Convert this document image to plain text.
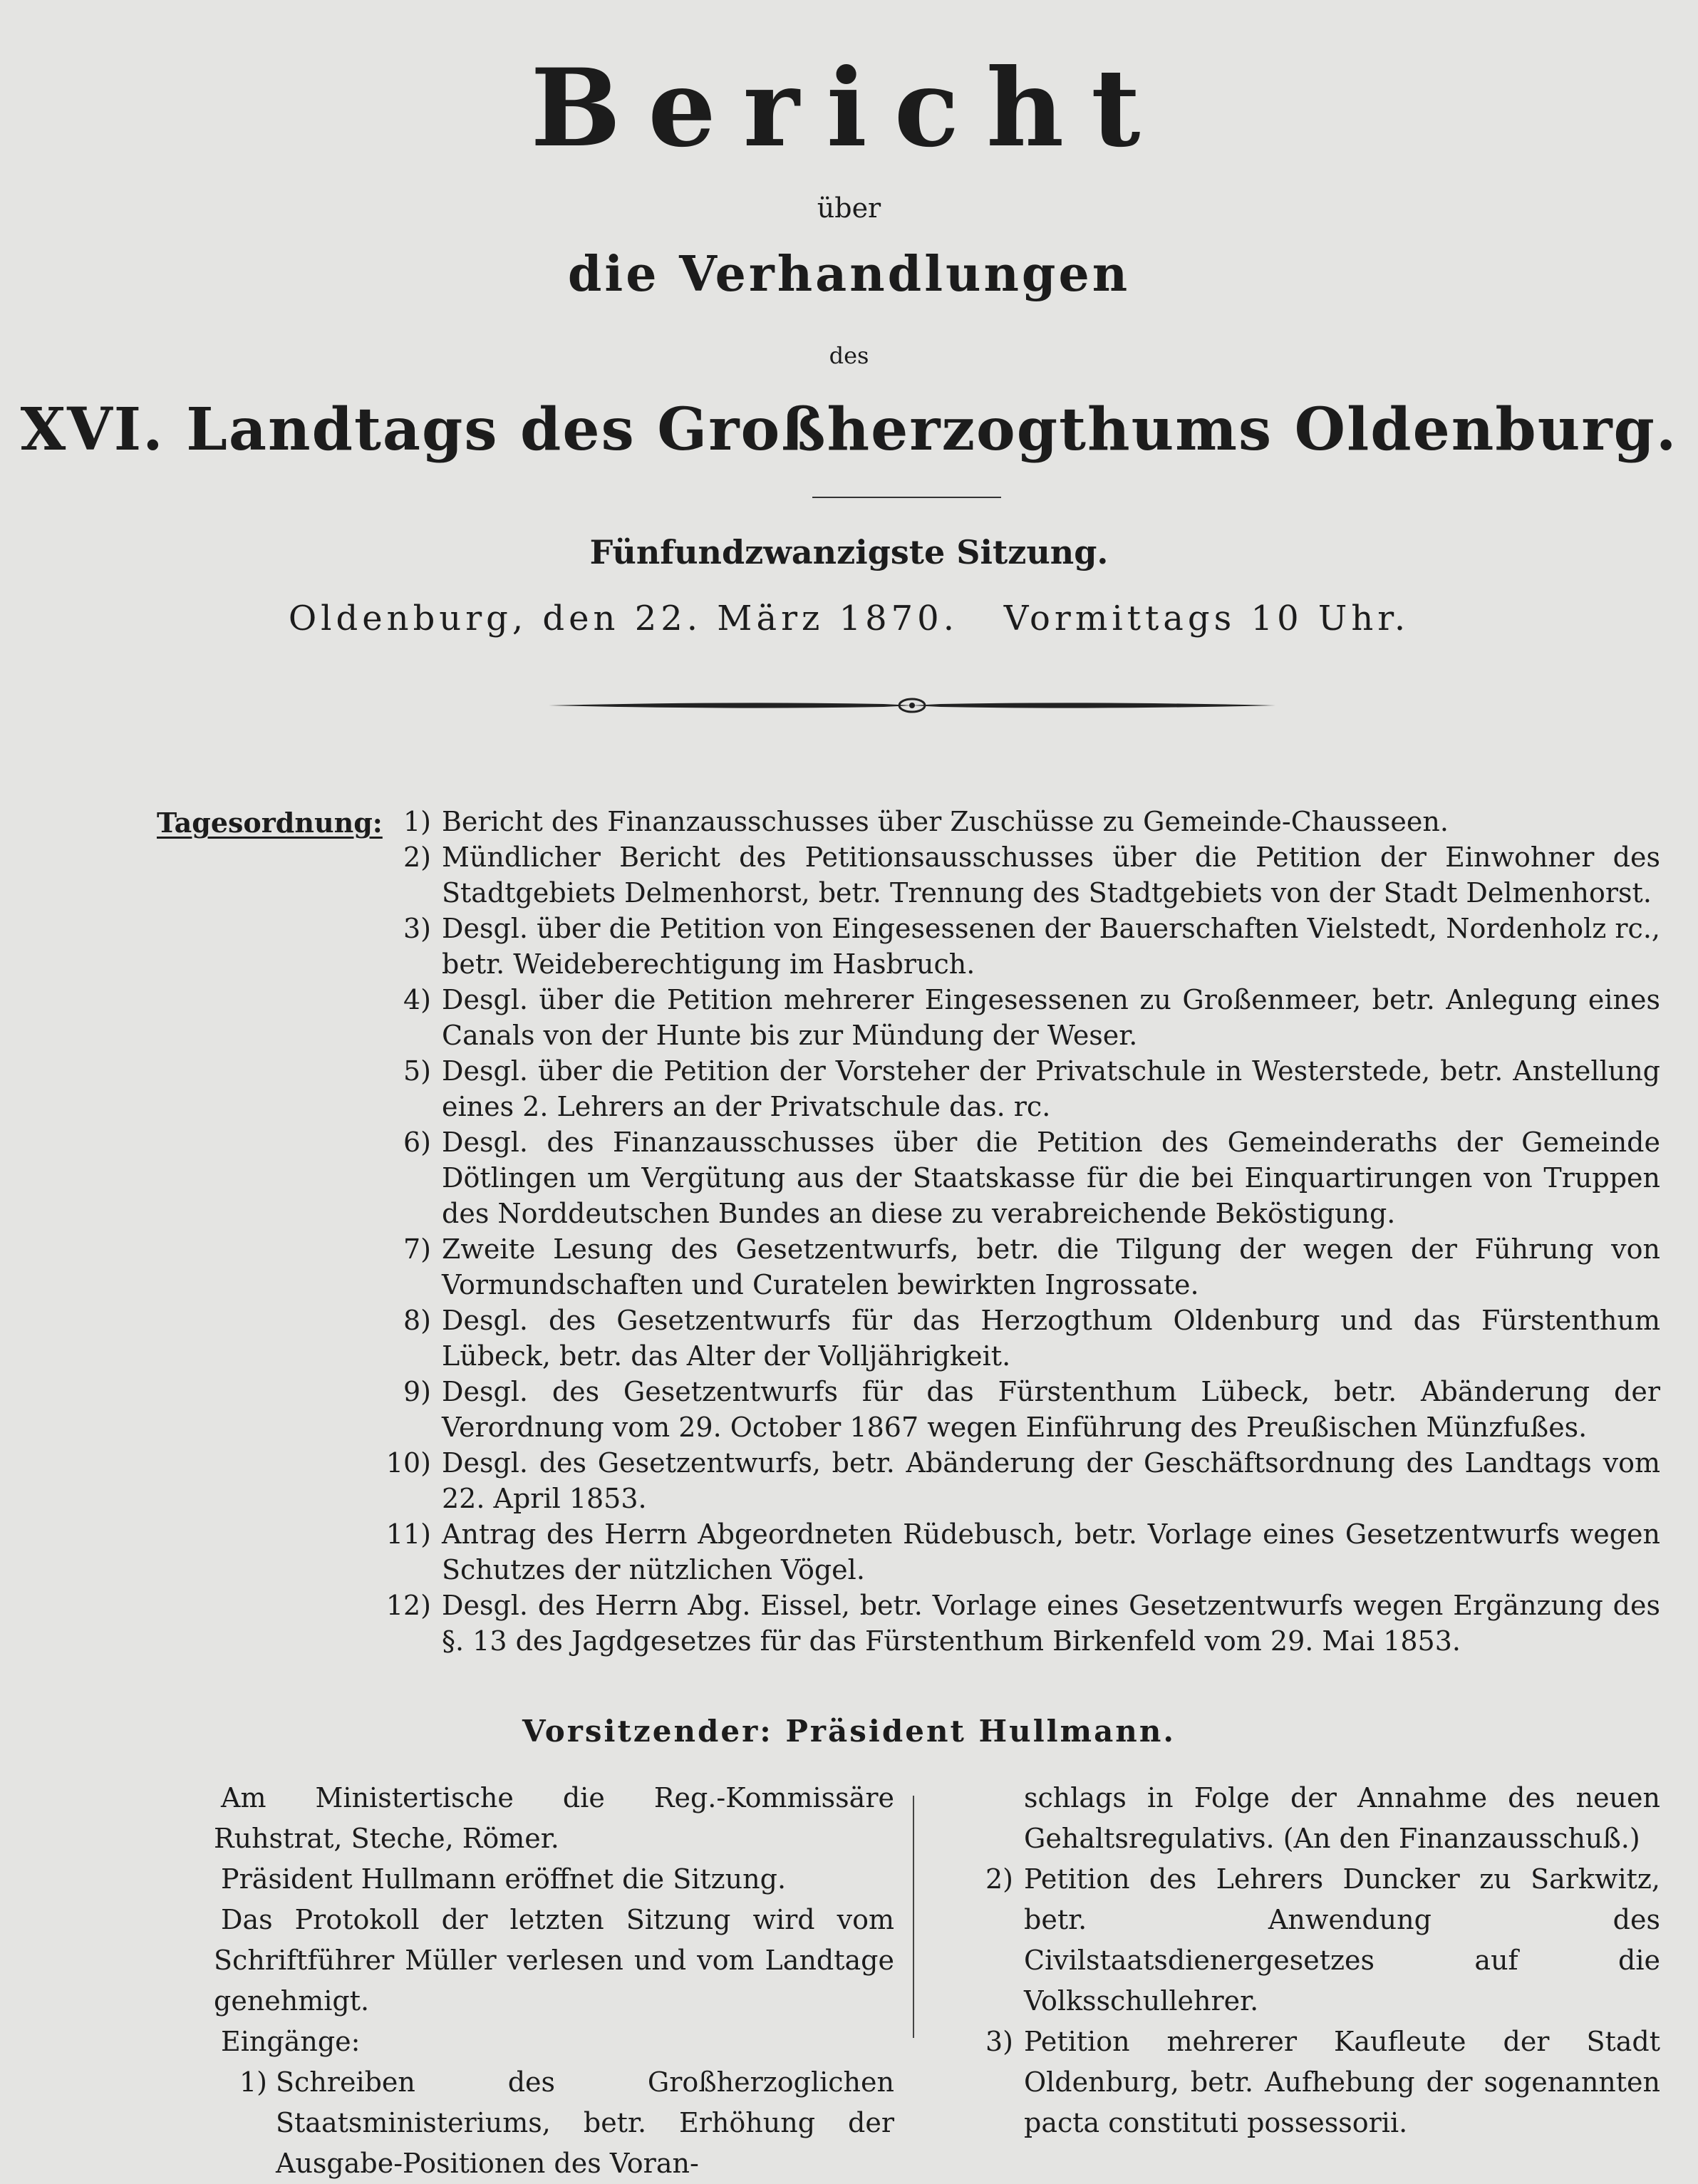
Bericht
über
die Verhandlungen
des
XVI. Landtags des Großherzogthums Oldenburg.
Fünfundzwanzigste Sitzung.
Oldenburg, den 22. März 1870.   Vormittags 10 Uhr.
Tagesordnung: 1) Bericht des Finanzausschusses über Zuschüsse zu Gemeinde-Chausseen.
2) Mündlicher Bericht des Petitionsausschusses über die Petition der Einwohner des Stadtgebiets Delmenhorst, betr. Trennung des Stadtgebiets von der Stadt Delmenhorst.
3) Desgl. über die Petition von Eingesessenen der Bauerschaften Vielstedt, Nordenholz rc., betr. Weideberechtigung im Hasbruch.
4) Desgl. über die Petition mehrerer Eingesessenen zu Großenmeer, betr. Anlegung eines Canals von der Hunte bis zur Mündung der Weser.
5) Desgl. über die Petition der Vorsteher der Privatschule in Westerstede, betr. Anstellung eines 2. Lehrers an der Privatschule das. rc.
6) Desgl. des Finanzausschusses über die Petition des Gemeinderaths der Gemeinde Dötlingen um Vergütung aus der Staatskasse für die bei Einquartirungen von Truppen des Norddeutschen Bundes an diese zu verabreichende Beköstigung.
7) Zweite Lesung des Gesetzentwurfs, betr. die Tilgung der wegen der Führung von Vormundschaften und Curatelen bewirkten Ingrossate.
8) Desgl. des Gesetzentwurfs für das Herzogthum Oldenburg und das Fürstenthum Lübeck, betr. das Alter der Volljährigkeit.
9) Desgl. des Gesetzentwurfs für das Fürstenthum Lübeck, betr. Abänderung der Verordnung vom 29. October 1867 wegen Einführung des Preußischen Münzfußes.
10) Desgl. des Gesetzentwurfs, betr. Abänderung der Geschäftsordnung des Landtags vom 22. April 1853.
11) Antrag des Herrn Abgeordneten Rüdebusch, betr. Vorlage eines Gesetzentwurfs wegen Schutzes der nützlichen Vögel.
12) Desgl. des Herrn Abg. Eissel, betr. Vorlage eines Gesetzentwurfs wegen Ergänzung des §. 13 des Jagdgesetzes für das Fürstenthum Birkenfeld vom 29. Mai 1853.
Vorsitzender: Präsident Hullmann.

Am Ministertische die Reg.-Kommissäre Ruhstrat, Steche, Römer.

Präsident Hullmann eröffnet die Sitzung.

Das Protokoll der letzten Sitzung wird vom Schriftführer Müller verlesen und vom Landtage genehmigt.

Eingänge:

1) Schreiben des Großherzoglichen Staatsministeriums, betr. Erhöhung der Ausgabe-Positionen des Voran-

schlags in Folge der Annahme des neuen Gehaltsregulativs. (An den Finanzausschuß.)

2) Petition des Lehrers Duncker zu Sarkwitz, betr. Anwendung des Civilstaatsdienergesetzes auf die Volksschullehrer.
3) Petition mehrerer Kaufleute der Stadt Oldenburg, betr. Aufhebung der sogenannten pacta constituti possessorii.
